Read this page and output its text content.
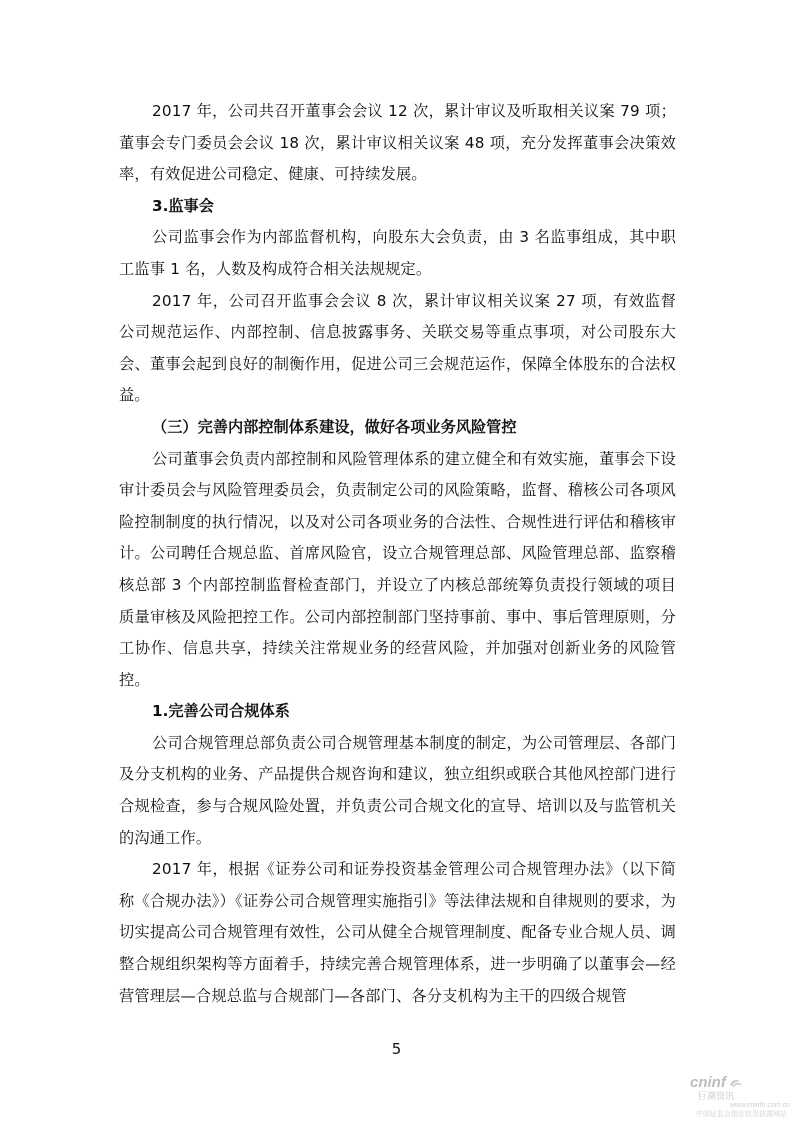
2017 年，公司共召开董事会会议 12 次，累计审议及听取相关议案 79 项；董事会专门委员会会议 18 次，累计审议相关议案 48 项，充分发挥董事会决策效率，有效促进公司稳定、健康、可持续发展。

3.监事会

公司监事会作为内部监督机构，向股东大会负责，由 3 名监事组成，其中职工监事 1 名，人数及构成符合相关法规规定。

2017 年，公司召开监事会会议 8 次，累计审议相关议案 27 项，有效监督公司规范运作、内部控制、信息披露事务、关联交易等重点事项，对公司股东大会、董事会起到良好的制衡作用，促进公司三会规范运作，保障全体股东的合法权益。

（三）完善内部控制体系建设，做好各项业务风险管控

公司董事会负责内部控制和风险管理体系的建立健全和有效实施，董事会下设审计委员会与风险管理委员会，负责制定公司的风险策略，监督、稽核公司各项风险控制制度的执行情况，以及对公司各项业务的合法性、合规性进行评估和稽核审计。公司聘任合规总监、首席风险官，设立合规管理总部、风险管理总部、监察稽核总部 3 个内部控制监督检查部门，并设立了内核总部统筹负责投行领域的项目质量审核及风险把控工作。公司内部控制部门坚持事前、事中、事后管理原则，分工协作、信息共享，持续关注常规业务的经营风险，并加强对创新业务的风险管控。

1.完善公司合规体系

公司合规管理总部负责公司合规管理基本制度的制定，为公司管理层、各部门及分支机构的业务、产品提供合规咨询和建议，独立组织或联合其他风控部门进行合规检查，参与合规风险处置，并负责公司合规文化的宣导、培训以及与监管机关的沟通工作。

2017 年，根据《证券公司和证券投资基金管理公司合规管理办法》（以下简称《合规办法》）《证券公司合规管理实施指引》等法律法规和自律规则的要求，为切实提高公司合规管理有效性，公司从健全合规管理制度、配备专业合规人员、调整合规组织架构等方面着手，持续完善合规管理体系，进一步明确了以董事会—经营管理层—合规总监与合规部门—各部门、各分支机构为主干的四级合规管

5
cninf
巨潮资讯
www.cninfo.com.cn
中国证监会指定信息披露网站
